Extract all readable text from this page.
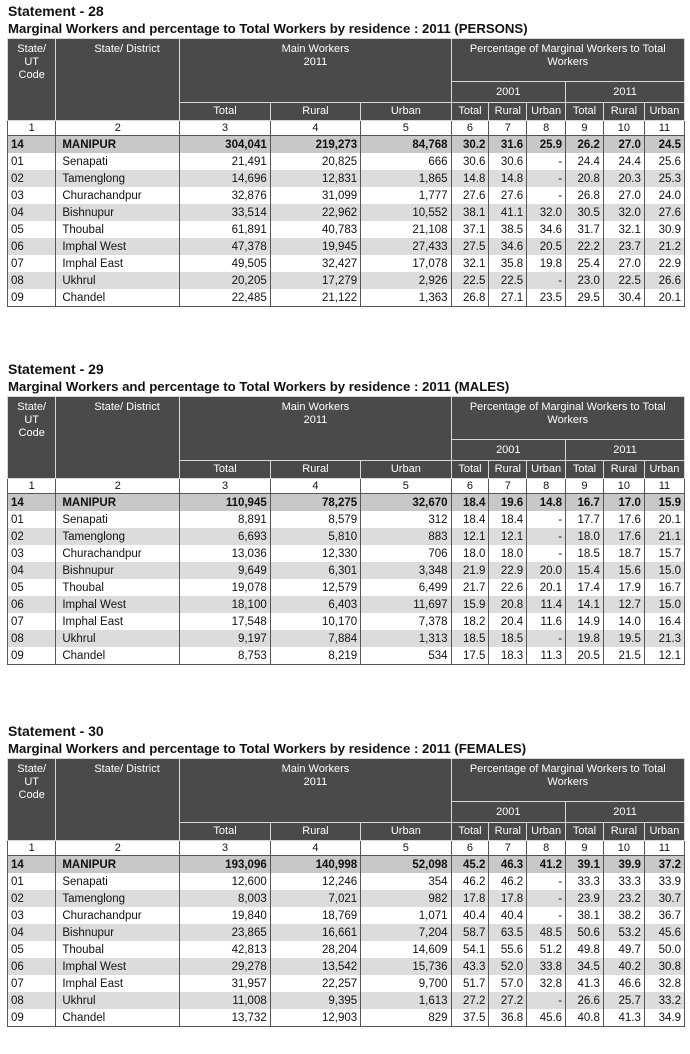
Statement - 28
Marginal Workers and percentage to Total Workers by residence : 2011 (PERSONS)
State/ UT Code	State/ District	Main Workers 2011			Percentage of Marginal Workers to Total Workers					
					2001			2011		
		Total	Rural	Urban	Total	Rural	Urban	Total	Rural	Urban
1	2	3	4	5	6	7	8	9	10	11
14	MANIPUR	304,041	219,273	84,768	30.2	31.6	25.9	26.2	27.0	24.5
01	Senapati	21,491	20,825	666	30.6	30.6	-	24.4	24.4	25.6
02	Tamenglong	14,696	12,831	1,865	14.8	14.8	-	20.8	20.3	25.3
03	Churachandpur	32,876	31,099	1,777	27.6	27.6	-	26.8	27.0	24.0
04	Bishnupur	33,514	22,962	10,552	38.1	41.1	32.0	30.5	32.0	27.6
05	Thoubal	61,891	40,783	21,108	37.1	38.5	34.6	31.7	32.1	30.9
06	Imphal West	47,378	19,945	27,433	27.5	34.6	20.5	22.2	23.7	21.2
07	Imphal East	49,505	32,427	17,078	32.1	35.8	19.8	25.4	27.0	22.9
08	Ukhrul	20,205	17,279	2,926	22.5	22.5	-	23.0	22.5	26.6
09	Chandel	22,485	21,122	1,363	26.8	27.1	23.5	29.5	30.4	20.1
Statement - 29
Marginal Workers and percentage to Total Workers by residence : 2011 (MALES)
State/ UT Code	State/ District	Main Workers 2011			Percentage of Marginal Workers to Total Workers					
					2001			2011		
		Total	Rural	Urban	Total	Rural	Urban	Total	Rural	Urban
1	2	3	4	5	6	7	8	9	10	11
14	MANIPUR	110,945	78,275	32,670	18.4	19.6	14.8	16.7	17.0	15.9
01	Senapati	8,891	8,579	312	18.4	18.4	-	17.7	17.6	20.1
02	Tamenglong	6,693	5,810	883	12.1	12.1	-	18.0	17.6	21.1
03	Churachandpur	13,036	12,330	706	18.0	18.0	-	18.5	18.7	15.7
04	Bishnupur	9,649	6,301	3,348	21.9	22.9	20.0	15.4	15.6	15.0
05	Thoubal	19,078	12,579	6,499	21.7	22.6	20.1	17.4	17.9	16.7
06	Imphal West	18,100	6,403	11,697	15.9	20.8	11.4	14.1	12.7	15.0
07	Imphal East	17,548	10,170	7,378	18.2	20.4	11.6	14.9	14.0	16.4
08	Ukhrul	9,197	7,884	1,313	18.5	18.5	-	19.8	19.5	21.3
09	Chandel	8,753	8,219	534	17.5	18.3	11.3	20.5	21.5	12.1
Statement - 30
Marginal Workers and percentage to Total Workers by residence : 2011 (FEMALES)
State/ UT Code	State/ District	Main Workers 2011			Percentage of Marginal Workers to Total Workers					
					2001			2011		
		Total	Rural	Urban	Total	Rural	Urban	Total	Rural	Urban
1	2	3	4	5	6	7	8	9	10	11
14	MANIPUR	193,096	140,998	52,098	45.2	46.3	41.2	39.1	39.9	37.2
01	Senapati	12,600	12,246	354	46.2	46.2	-	33.3	33.3	33.9
02	Tamenglong	8,003	7,021	982	17.8	17.8	-	23.9	23.2	30.7
03	Churachandpur	19,840	18,769	1,071	40.4	40.4	-	38.1	38.2	36.7
04	Bishnupur	23,865	16,661	7,204	58.7	63.5	48.5	50.6	53.2	45.6
05	Thoubal	42,813	28,204	14,609	54.1	55.6	51.2	49.8	49.7	50.0
06	Imphal West	29,278	13,542	15,736	43.3	52.0	33.8	34.5	40.2	30.8
07	Imphal East	31,957	22,257	9,700	51.7	57.0	32.8	41.3	46.6	32.8
08	Ukhrul	11,008	9,395	1,613	27.2	27.2	-	26.6	25.7	33.2
09	Chandel	13,732	12,903	829	37.5	36.8	45.6	40.8	41.3	34.9
